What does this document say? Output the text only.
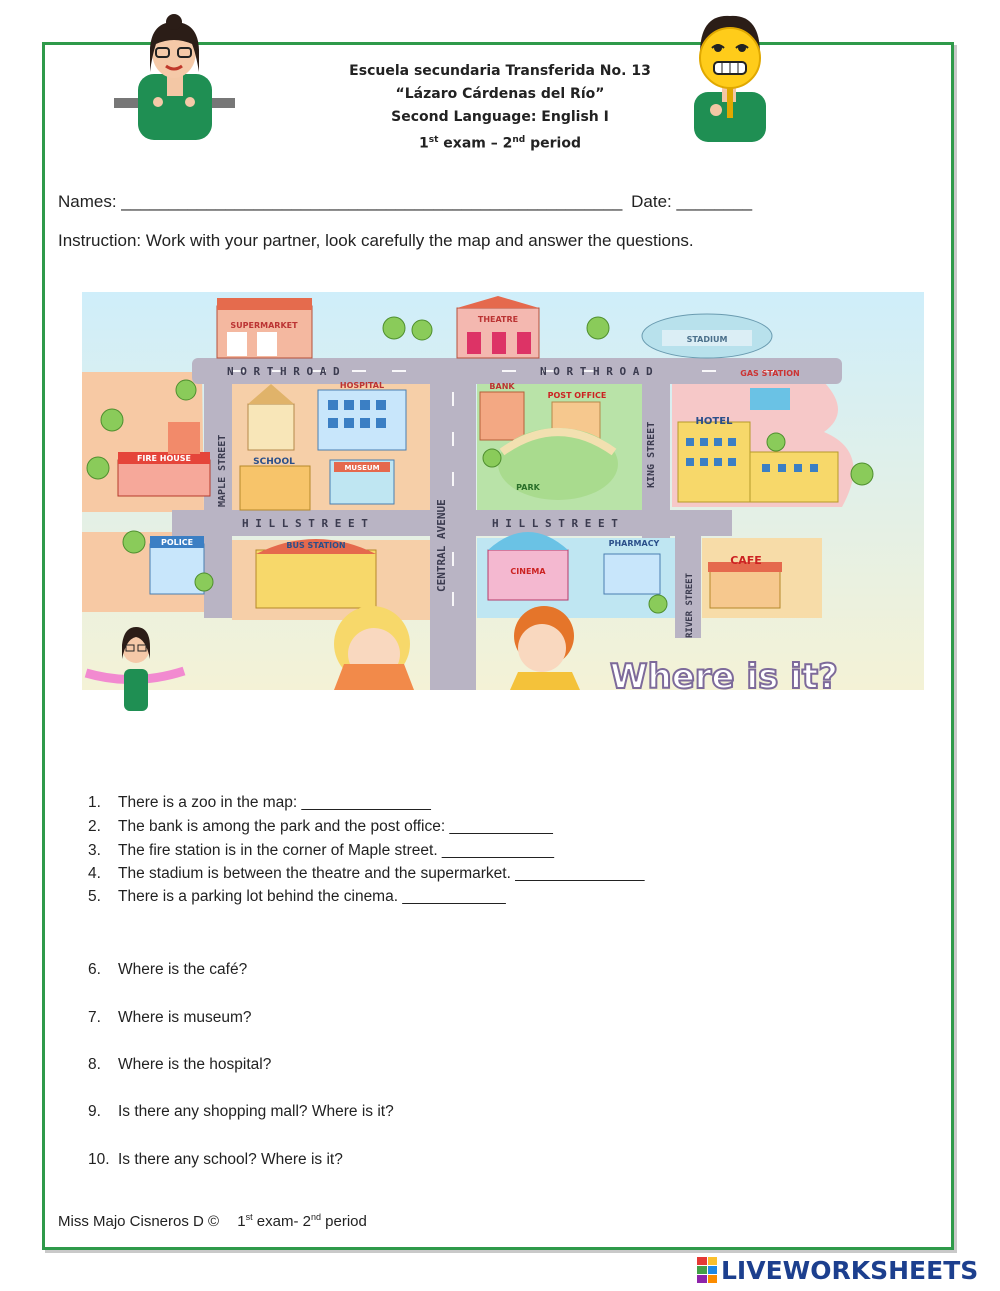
Escuela secundaria Transferida No. 13
“Lázaro Cárdenas del Río”
Second Language: English I
1st exam – 2nd period
Names: _____________________________________________________ Date: ________
Instruction: Work with your partner, look carefully the map and answer the questions.
N O R T H R O A D	N O R T H R O A D
H I L L S T R E E T	H I L L S T R E E T
MAPLE STREET
CENTRAL AVENUE
KING STREET
RIVER STREET
SUPERMARKET
THEATRE
STADIUM
GAS STATION
HOSPITAL	BANK
POST OFFICE
HOTEL
FIRE HOUSE	SCHOOL
MUSEUM
PARK
POLICE	BUS STATION
CINEMA
PHARMACY
CAFE
Where is it?
1. There is a zoo in the map: _______________
2. The bank is among the park and the post office: ____________
3. The fire station is in the corner of Maple street. _____________
4. The stadium is between the theatre and the supermarket. _______________
5. There is a parking lot behind the cinema. ____________
6. Where is the café?
7. Where is museum?
8. Where is the hospital?
9. Is there any shopping mall? Where is it?
10. Is there any school? Where is it?
Miss Majo Cisneros D © 1st exam- 2nd period
LIVEWORKSHEETS
